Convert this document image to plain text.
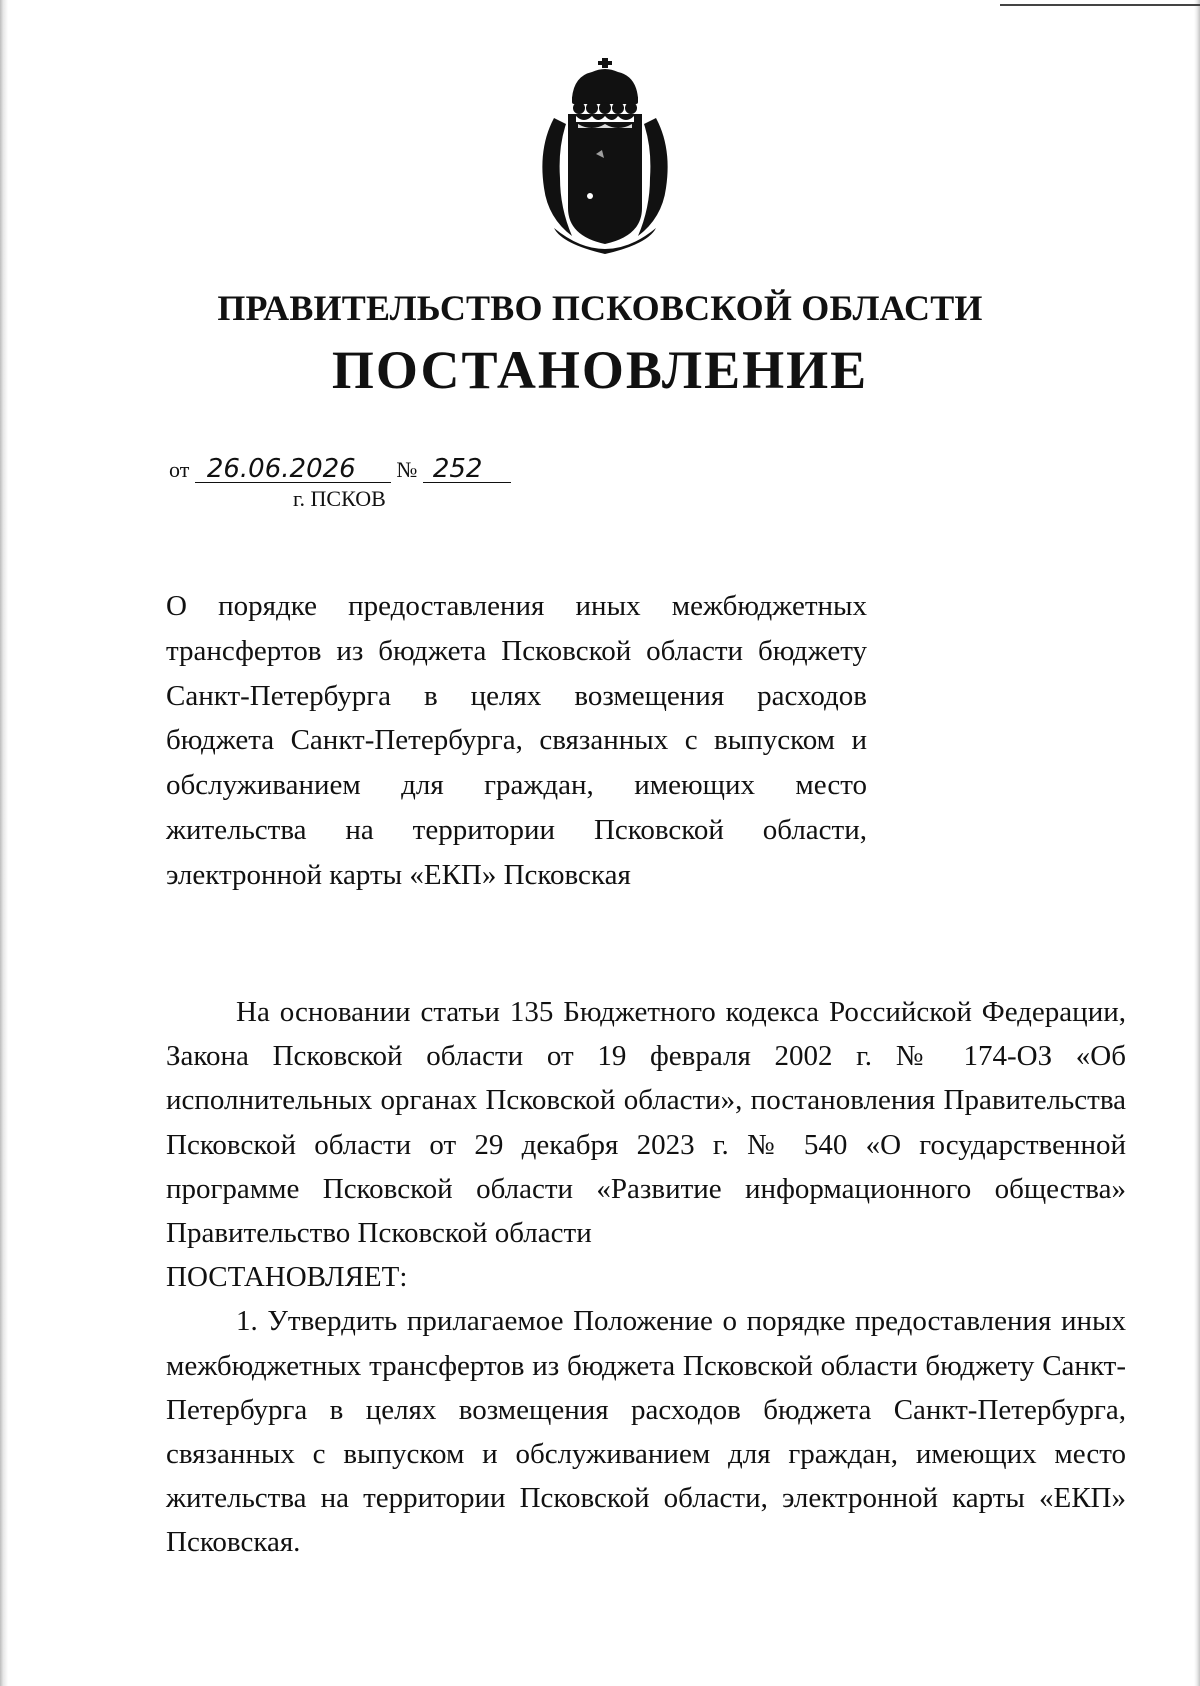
ПРАВИТЕЛЬСТВО ПСКОВСКОЙ ОБЛАСТИ
ПОСТАНОВЛЕНИЕ
от 26.06.2026 № 252
г. ПСКОВ

О порядке предоставления иных межбюджетных трансфертов из бюджета Псковской области бюджету Санкт-Петербурга в целях возмещения расходов бюджета Санкт-Петербурга, связанных с выпуском и обслуживанием для граждан, имеющих место жительства на территории Псковской области, электронной карты «ЕКП» Псковская

На основании статьи 135 Бюджетного кодекса Российской Федерации, Закона Псковской области от 19 февраля 2002 г. № 174-ОЗ «Об исполнительных органах Псковской области», постановления Правительства Псковской области от 29 декабря 2023 г. № 540 «О государственной программе Псковской области «Развитие информационного общества» Правительство Псковской области
ПОСТАНОВЛЯЕТ:

1. Утвердить прилагаемое Положение о порядке предоставления иных межбюджетных трансфертов из бюджета Псковской области бюджету Санкт-Петербурга в целях возмещения расходов бюджета Санкт-Петербурга, связанных с выпуском и обслуживанием для граждан, имеющих место жительства на территории Псковской области, электронной карты «ЕКП» Псковская.
